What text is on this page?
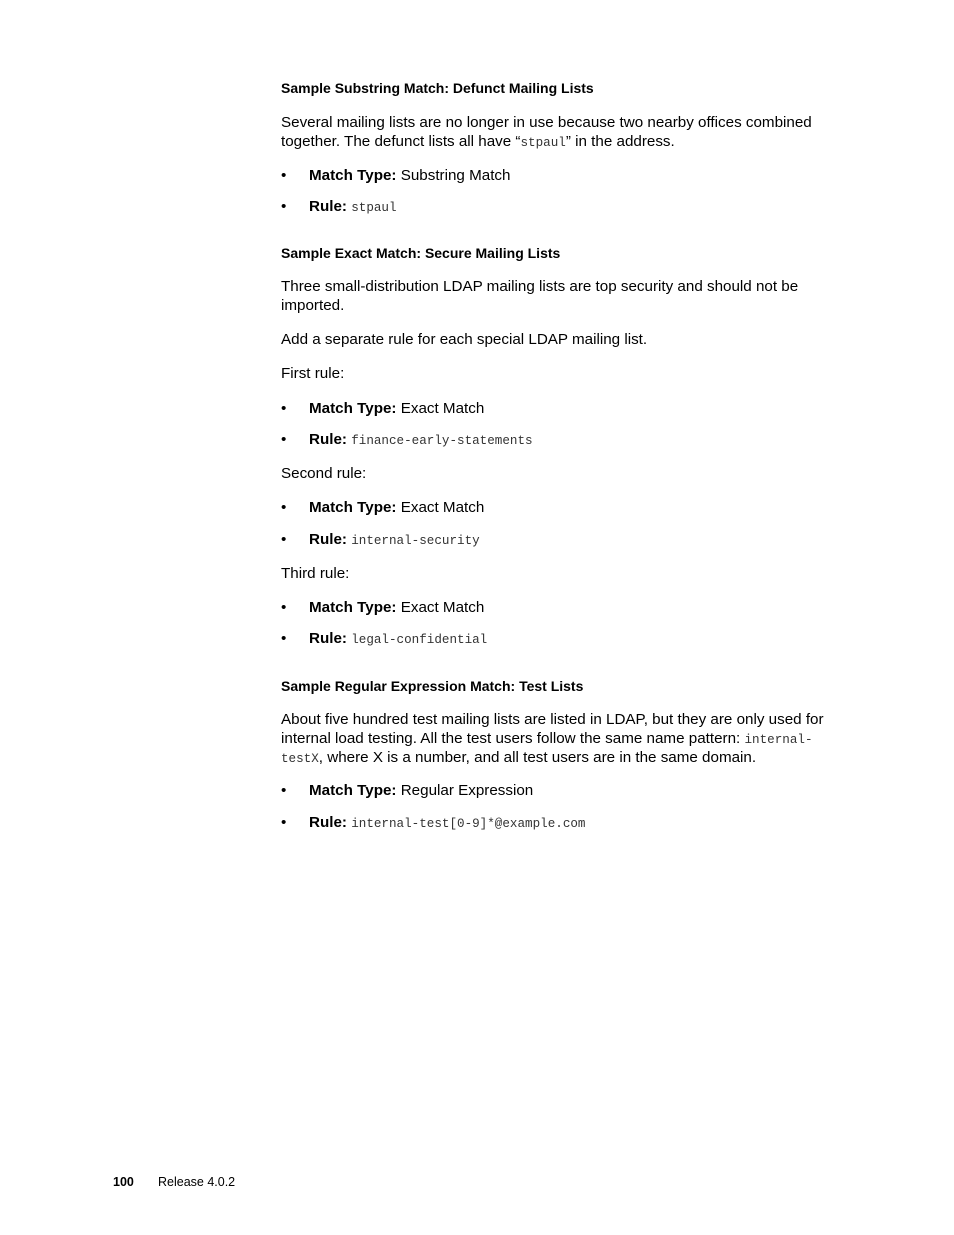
Sample Substring Match: Defunct Mailing Lists
Several mailing lists are no longer in use because two nearby offices combined together. The defunct lists all have “stpaul” in the address.
• Match Type: Substring Match
• Rule: stpaul
Sample Exact Match: Secure Mailing Lists
Three small-distribution LDAP mailing lists are top security and should not be imported.
Add a separate rule for each special LDAP mailing list.
First rule:
• Match Type: Exact Match
• Rule: finance-early-statements
Second rule:
• Match Type: Exact Match
• Rule: internal-security
Third rule:
• Match Type: Exact Match
• Rule: legal-confidential
Sample Regular Expression Match: Test Lists
About five hundred test mailing lists are listed in LDAP, but they are only used for
internal load testing. All the test users follow the same name pattern: internal-
testX, where X is a number, and all test users are in the same domain.
• Match Type: Regular Expression
• Rule: internal-test[0-9]*@example.com
100 Release 4.0.2
